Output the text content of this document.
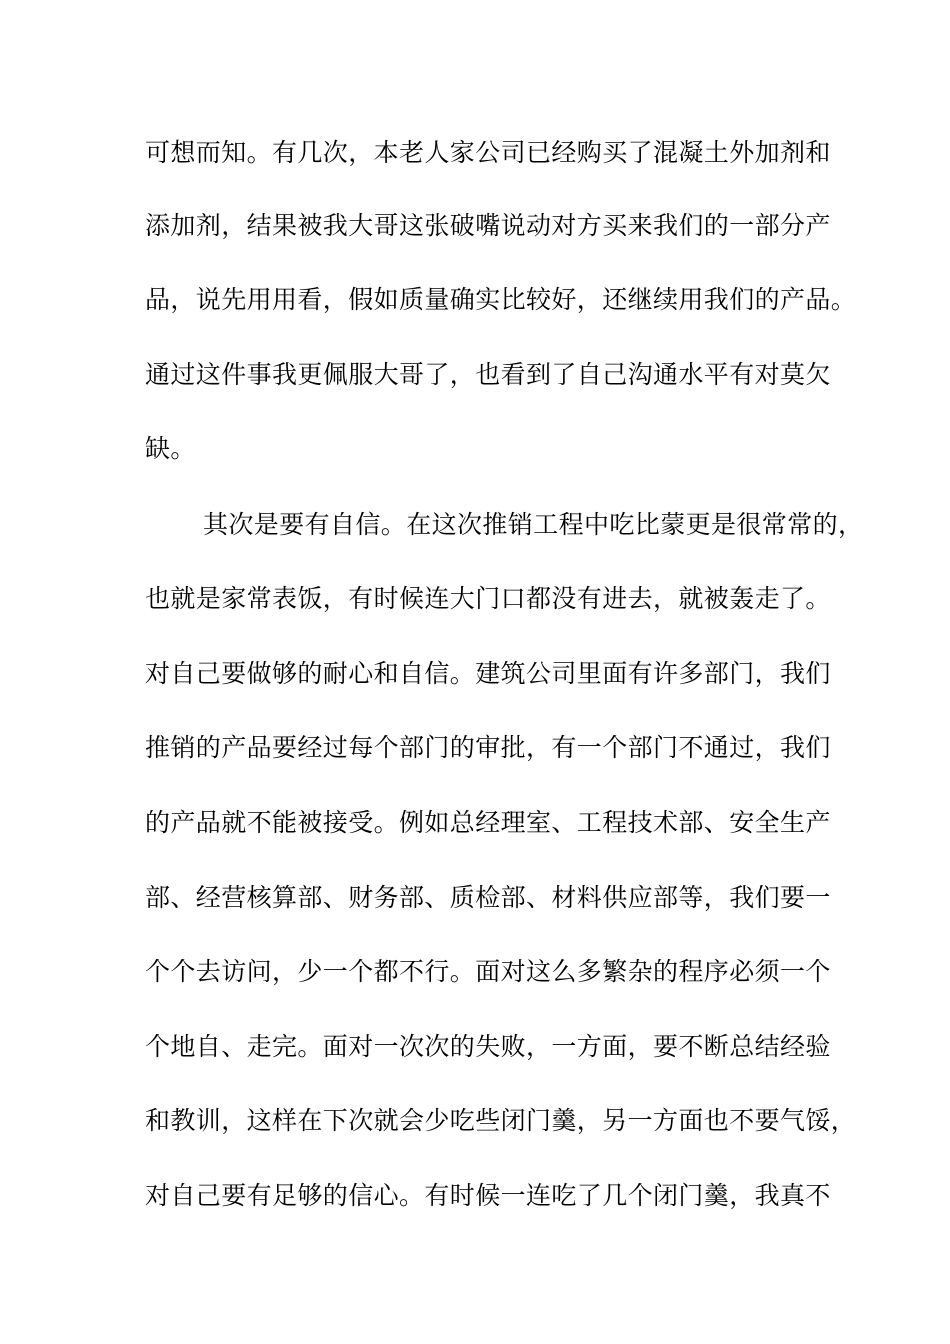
可想而知。有几次，本老人家公司已经购买了混凝土外加剂和
添加剂，结果被我大哥这张破嘴说动对方买来我们的一部分产
品，说先用用看，假如质量确实比较好，还继续用我们的产品。
通过这件事我更佩服大哥了，也看到了自己沟通水平有对莫欠
缺。
其次是要有自信。在这次推销工程中吃比蒙更是很常常的，
也就是家常表饭，有时候连大门口都没有进去，就被轰走了。
对自己要做够的耐心和自信。建筑公司里面有许多部门，我们
推销的产品要经过每个部门的审批，有一个部门不通过，我们
的产品就不能被接受。例如总经理室、工程技术部、安全生产
部、经营核算部、财务部、质检部、材料供应部等，我们要一
个个去访问，少一个都不行。面对这么多繁杂的程序必须一个
个地自、走完。面对一次次的失败，一方面，要不断总结经验
和教训，这样在下次就会少吃些闭门羹，另一方面也不要气馁，
对自己要有足够的信心。有时候一连吃了几个闭门羹，我真不
